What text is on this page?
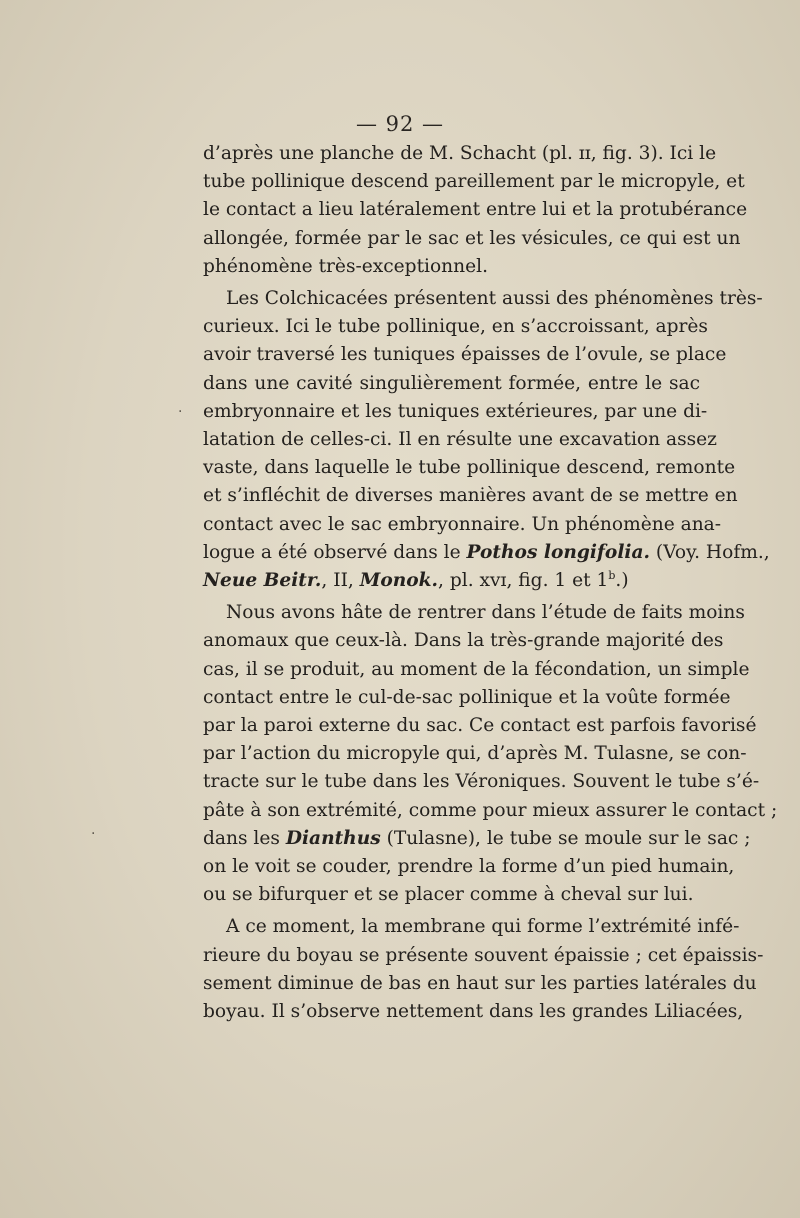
— 92 —
d’après une planche de M. Schacht (pl. ɪɪ, fig. 3). Ici le
tube pollinique descend pareillement par le micropyle, et
le contact a lieu latéralement entre lui et la protubérance
allongée, formée par le sac et les vésicules, ce qui est un
phénomène très-exceptionnel.
Les Colchicacées présentent aussi des phénomènes très-
curieux. Ici le tube pollinique, en s’accroissant, après
avoir traversé les tuniques épaisses de l’ovule, se place
dans une cavité singulièrement formée, entre le sac
embryonnaire et les tuniques extérieures, par une di-
latation de celles-ci. Il en résulte une excavation assez
vaste, dans laquelle le tube pollinique descend, remonte
et s’infléchit de diverses manières avant de se mettre en
contact avec le sac embryonnaire. Un phénomène ana-
logue a été observé dans le Pothos longifolia. (Voy. Hofm.,
Neue Beitr., II, Monok., pl. xvɪ, fig. 1 et 1$^b$.)
Nous avons hâte de rentrer dans l’étude de faits moins
anomaux que ceux-là. Dans la très-grande majorité des
cas, il se produit, au moment de la fécondation, un simple
contact entre le cul-de-sac pollinique et la voûte formée
par la paroi externe du sac. Ce contact est parfois favorisé
par l’action du micropyle qui, d’après M. Tulasne, se con-
tracte sur le tube dans les Véroniques. Souvent le tube s’é-
pâte à son extrémité, comme pour mieux assurer le contact ;
dans les Dianthus (Tulasne), le tube se moule sur le sac ;
on le voit se couder, prendre la forme d’un pied humain,
ou se bifurquer et se placer comme à cheval sur lui.
A ce moment, la membrane qui forme l’extrémité infé-
rieure du boyau se présente souvent épaissie ; cet épaissis-
sement diminue de bas en haut sur les parties latérales du
boyau. Il s’observe nettement dans les grandes Liliacées,
·
·
